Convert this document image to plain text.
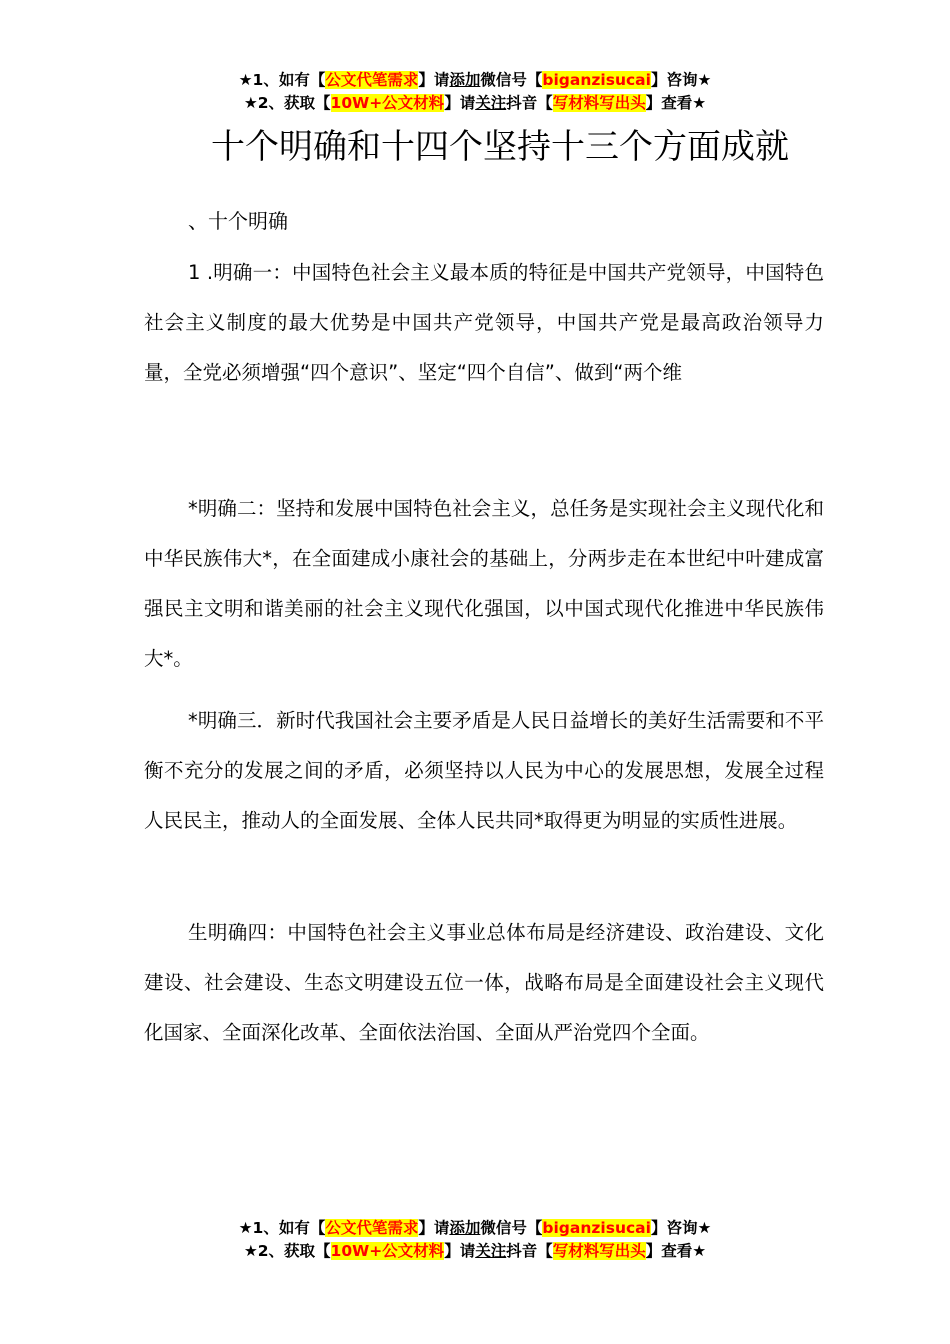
★1、如有【公文代笔需求】请添加微信号【biganzisucai】咨询★
★2、获取【10W+公文材料】请关注抖音【写材料写出头】查看★
十个明确和十四个坚持十三个方面成就
、十个明确

1 .明确一：中国特色社会主义最本质的特征是中国共产党领导，中国特色社会主义制度的最大优势是中国共产党领导，中国共产党是最高政治领导力量，全党必须增强“四个意识”、坚定“四个自信”、做到“两个维

*明确二：坚持和发展中国特色社会主义，总任务是实现社会主义现代化和中华民族伟大*，在全面建成小康社会的基础上，分两步走在本世纪中叶建成富强民主文明和谐美丽的社会主义现代化强国，以中国式现代化推进中华民族伟大*。

*明确三．新时代我国社会主要矛盾是人民日益增长的美好生活需要和不平衡不充分的发展之间的矛盾，必须坚持以人民为中心的发展思想，发展全过程人民民主，推动人的全面发展、全体人民共同*取得更为明显的实质性进展。

生明确四：中国特色社会主义事业总体布局是经济建设、政治建设、文化建设、社会建设、生态文明建设五位一体，战略布局是全面建设社会主义现代化国家、全面深化改革、全面依法治国、全面从严治党四个全面。

★1、如有【公文代笔需求】请添加微信号【biganzisucai】咨询★
★2、获取【10W+公文材料】请关注抖音【写材料写出头】查看★
